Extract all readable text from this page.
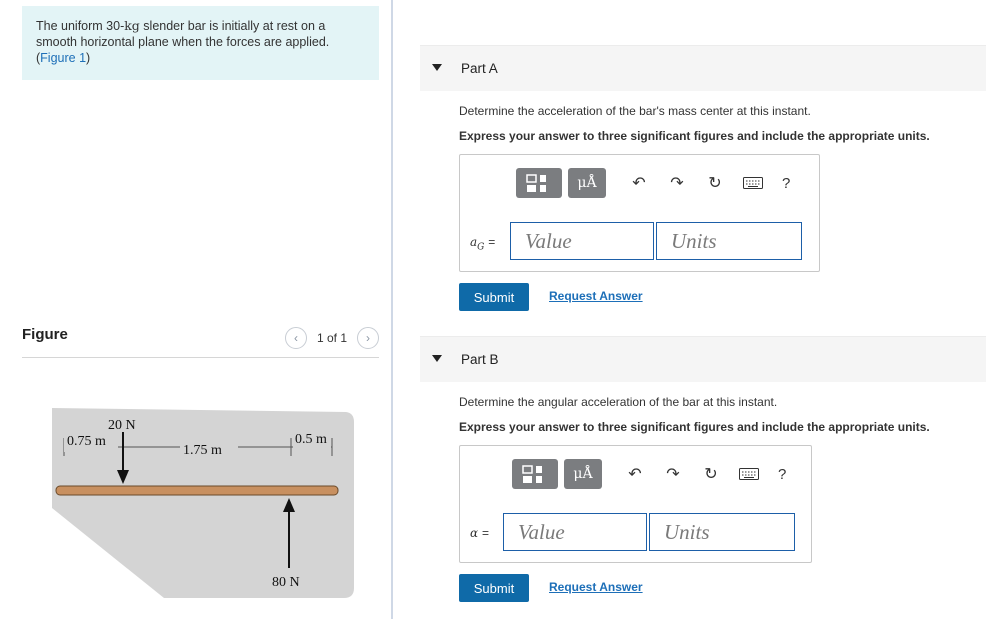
The uniform 30-kg slender bar is initially at rest on a smooth horizontal plane when the forces are applied.
(Figure 1)
Figure	‹ 1 of 1 ›
20 N
0.75 m
1.75 m
0.5 m
80 N
Part A
Determine the acceleration of the bar's mass center at this instant.
Express your answer to three significant figures and include the appropriate units.
μÅ	↶ ↷ ↻	?
$a_G$ =	Value	Units
Submit	Request Answer
Part B
Determine the angular acceleration of the bar at this instant.
Express your answer to three significant figures and include the appropriate units.
μÅ	↶ ↷ ↻	?
α =	Value	Units
Submit	Request Answer
